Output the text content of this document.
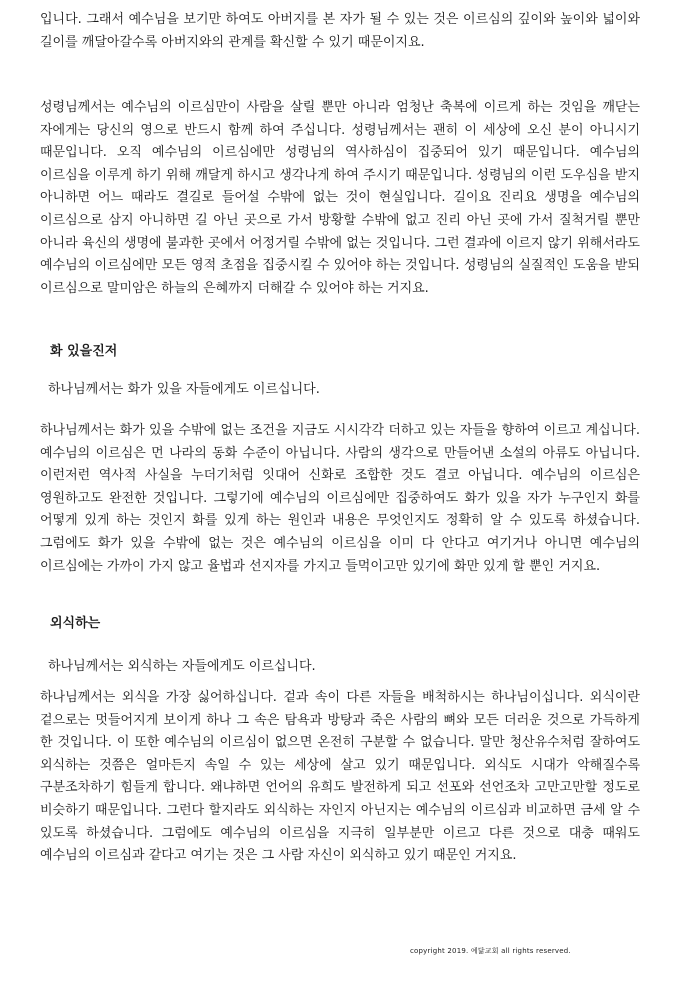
입니다. 그래서 예수님을 보기만 하여도 아버지를 본 자가 될 수 있는 것은 이르심의 깊이와 높이와 넓이와 길이를 깨달아갈수록 아버지와의 관계를 확신할 수 있기 때문이지요.

성령님께서는 예수님의 이르심만이 사람을 살릴 뿐만 아니라 엄청난 축복에 이르게 하는 것임을 깨닫는 자에게는 당신의 영으로 반드시 함께 하여 주십니다. 성령님께서는 괜히 이 세상에 오신 분이 아니시기 때문입니다. 오직 예수님의 이르심에만 성령님의 역사하심이 집중되어 있기 때문입니다. 예수님의 이르심을 이루게 하기 위해 깨달게 하시고 생각나게 하여 주시기 때문입니다. 성령님의 이런 도우심을 받지 아니하면 어느 때라도 결길로 들어설 수밖에 없는 것이 현실입니다. 길이요 진리요 생명을 예수님의 이르심으로 삼지 아니하면 길 아닌 곳으로 가서 방황할 수밖에 없고 진리 아닌 곳에 가서 질척거릴 뿐만 아니라 육신의 생명에 불과한 곳에서 어정거릴 수밖에 없는 것입니다. 그런 결과에 이르지 않기 위해서라도 예수님의 이르심에만 모든 영적 초점을 집중시킬 수 있어야 하는 것입니다. 성령님의 실질적인 도움을 받되 이르심으로 말미암은 하늘의 은혜까지 더해갈 수 있어야 하는 거지요.

화 있을진저
하나님께서는 화가 있을 자들에게도 이르십니다.

하나님께서는 화가 있을 수밖에 없는 조건을 지금도 시시각각 더하고 있는 자들을 향하여 이르고 계십니다. 예수님의 이르심은 먼 나라의 동화 수준이 아닙니다. 사람의 생각으로 만들어낸 소설의 아류도 아닙니다. 이런저런 역사적 사실을 누더기처럼 잇대어 신화로 조합한 것도 결코 아닙니다. 예수님의 이르심은 영원하고도 완전한 것입니다. 그렇기에 예수님의 이르심에만 집중하여도 화가 있을 자가 누구인지 화를 어떻게 있게 하는 것인지 화를 있게 하는 원인과 내용은 무엇인지도 정확히 알 수 있도록 하셨습니다. 그럼에도 화가 있을 수밖에 없는 것은 예수님의 이르심을 이미 다 안다고 여기거나 아니면 예수님의 이르심에는 가까이 가지 않고 율법과 선지자를 가지고 들먹이고만 있기에 화만 있게 할 뿐인 거지요.

외식하는
하나님께서는 외식하는 자들에게도 이르십니다.

하나님께서는 외식을 가장 싫어하십니다. 겉과 속이 다른 자들을 배척하시는 하나님이십니다. 외식이란 겉으로는 멋들어지게 보이게 하나 그 속은 탐욕과 방탕과 죽은 사람의 뼈와 모든 더러운 것으로 가득하게 한 것입니다. 이 또한 예수님의 이르심이 없으면 온전히 구분할 수 없습니다. 말만 청산유수처럼 잘하여도 외식하는 것쯤은 얼마든지 속일 수 있는 세상에 살고 있기 때문입니다. 외식도 시대가 악해질수록 구분조차하기 힘들게 합니다. 왜냐하면 언어의 유희도 발전하게 되고 선포와 선언조차 고만고만할 정도로 비슷하기 때문입니다. 그런다 할지라도 외식하는 자인지 아닌지는 예수님의 이르심과 비교하면 금세 알 수 있도록 하셨습니다. 그럼에도 예수님의 이르심을 지극히 일부분만 이르고 다른 것으로 대충 때워도 예수님의 이르심과 같다고 여기는 것은 그 사람 자신이 외식하고 있기 때문인 거지요.

copyright 2019. 예닮교회 all rights reserved.
